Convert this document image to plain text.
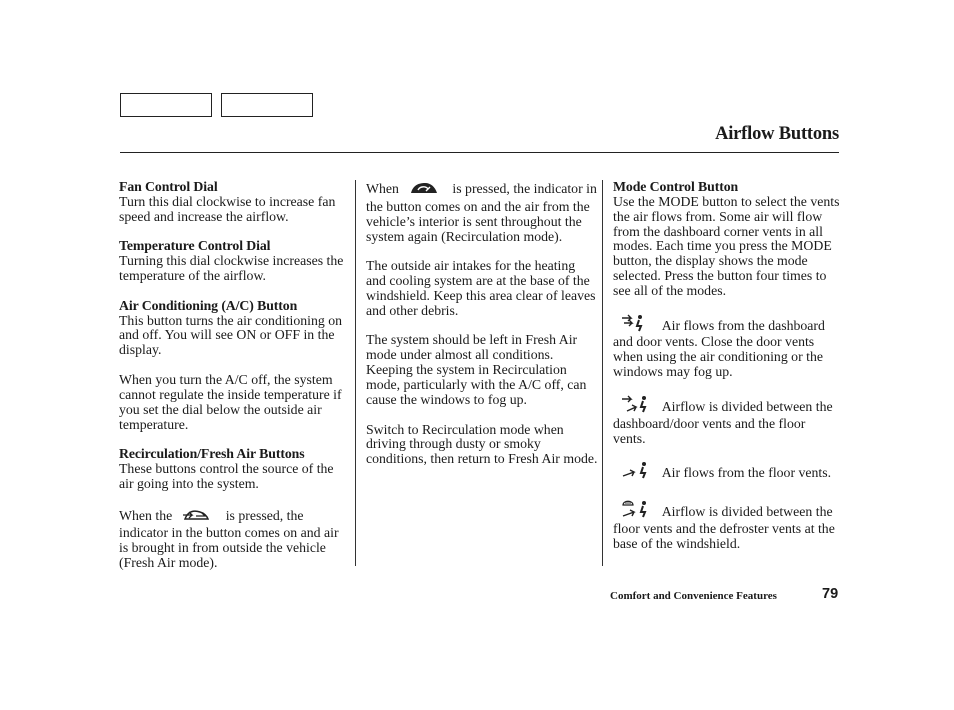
Airflow Buttons

Fan Control Dial
Turn this dial clockwise to increase fan speed and increase the airflow.

Temperature Control Dial
Turning this dial clockwise increases the temperature of the airflow.

Air Conditioning (A/C) Button
This button turns the air conditioning on and off. You will see ON or OFF in the display.

When you turn the A/C off, the system cannot regulate the inside temperature if you set the dial below the outside air temperature.

Recirculation/Fresh Air Buttons
These buttons control the source of the air going into the system.

When the	is pressed, the indicator in the button comes on and air is brought in from outside the vehicle (Fresh Air mode).

When	is pressed, the indicator in the button comes on and the air from the vehicle’s interior is sent throughout the system again (Recirculation mode).

The outside air intakes for the heating and cooling system are at the base of the windshield. Keep this area clear of leaves and other debris.

The system should be left in Fresh Air mode under almost all conditions. Keeping the system in Recirculation mode, particularly with the A/C off, can cause the windows to fog up.

Switch to Recirculation mode when driving through dusty or smoky conditions, then return to Fresh Air mode.

Mode Control Button
Use the MODE button to select the vents the air flows from. Some air will flow from the dashboard corner vents in all modes. Each time you press the MODE button, the display shows the mode selected. Press the button four times to see all of the modes.

Air flows from the dashboard and door vents. Close the door vents when using the air conditioning or the windows may fog up.

Airflow is divided between the dashboard/door vents and the floor vents.

Air flows from the floor vents.

Airflow is divided between the floor vents and the defroster vents at the base of the windshield.

Comfort and Convenience Features	79
